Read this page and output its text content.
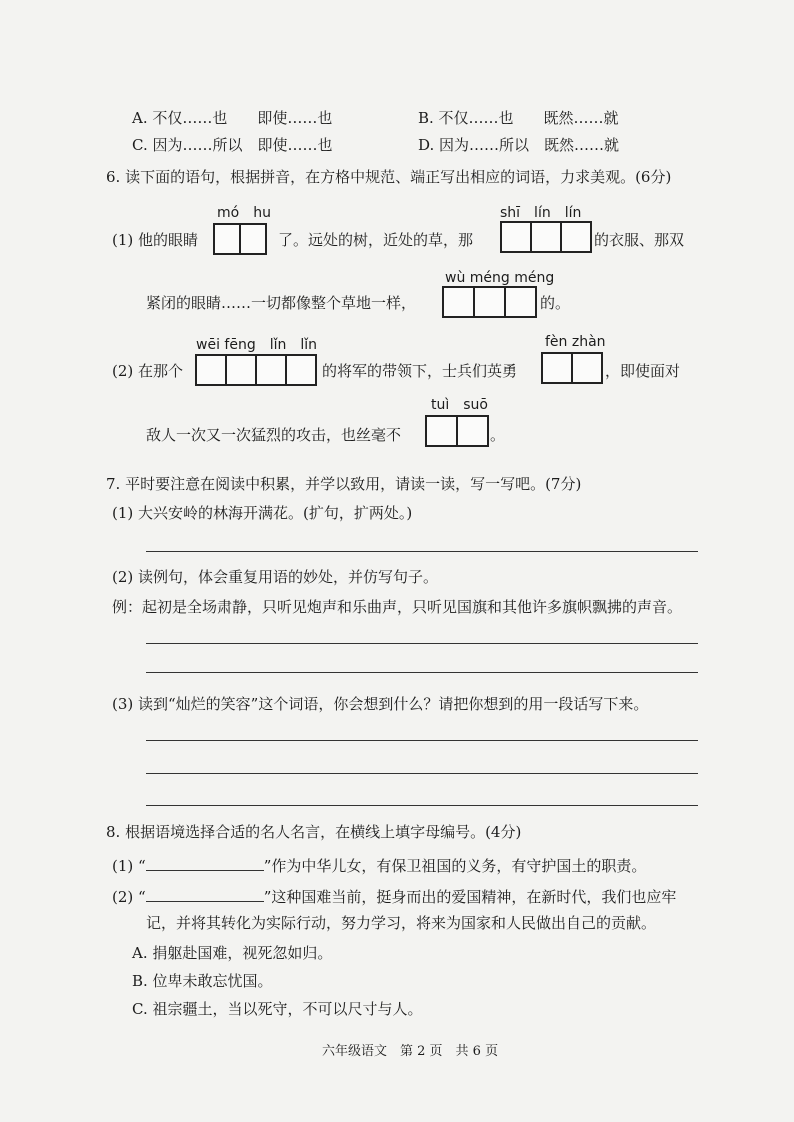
A. 不仅……也　　即使……也	B. 不仅……也　　既然……就
C. 因为……所以　即使……也	D. 因为……所以　既然……就
6. 读下面的语句，根据拼音，在方格中规范、端正写出相应的词语，力求美观。(6分)
mó　hu	shī　lín　lín
(1) 他的眼睛	了。远处的树，近处的草，那	的衣服、那双
wù méng méng
紧闭的眼睛……一切都像整个草地一样，	的。
wēi fēng　lǐn　lǐn	fèn zhàn
(2) 在那个	的将军的带领下，士兵们英勇	，即使面对
tuì　suō
敌人一次又一次猛烈的攻击，也丝毫不	。
7. 平时要注意在阅读中积累，并学以致用，请读一读，写一写吧。(7分)
(1) 大兴安岭的林海开满花。(扩句，扩两处。)
(2) 读例句，体会重复用语的妙处，并仿写句子。
例：起初是全场肃静，只听见炮声和乐曲声，只听见国旗和其他许多旗帜飘拂的声音。
(3) 读到“灿烂的笑容”这个词语，你会想到什么？请把你想到的用一段话写下来。
8. 根据语境选择合适的名人名言，在横线上填字母编号。(4分)
(1) “	”作为中华儿女，有保卫祖国的义务，有守护国土的职责。
(2) “	”这种国难当前，挺身而出的爱国精神，在新时代，我们也应牢
记，并将其转化为实际行动，努力学习，将来为国家和人民做出自己的贡献。
A. 捐躯赴国难，视死忽如归。
B. 位卑未敢忘忧国。
C. 祖宗疆土，当以死守，不可以尺寸与人。
六年级语文　第 2 页　共 6 页
